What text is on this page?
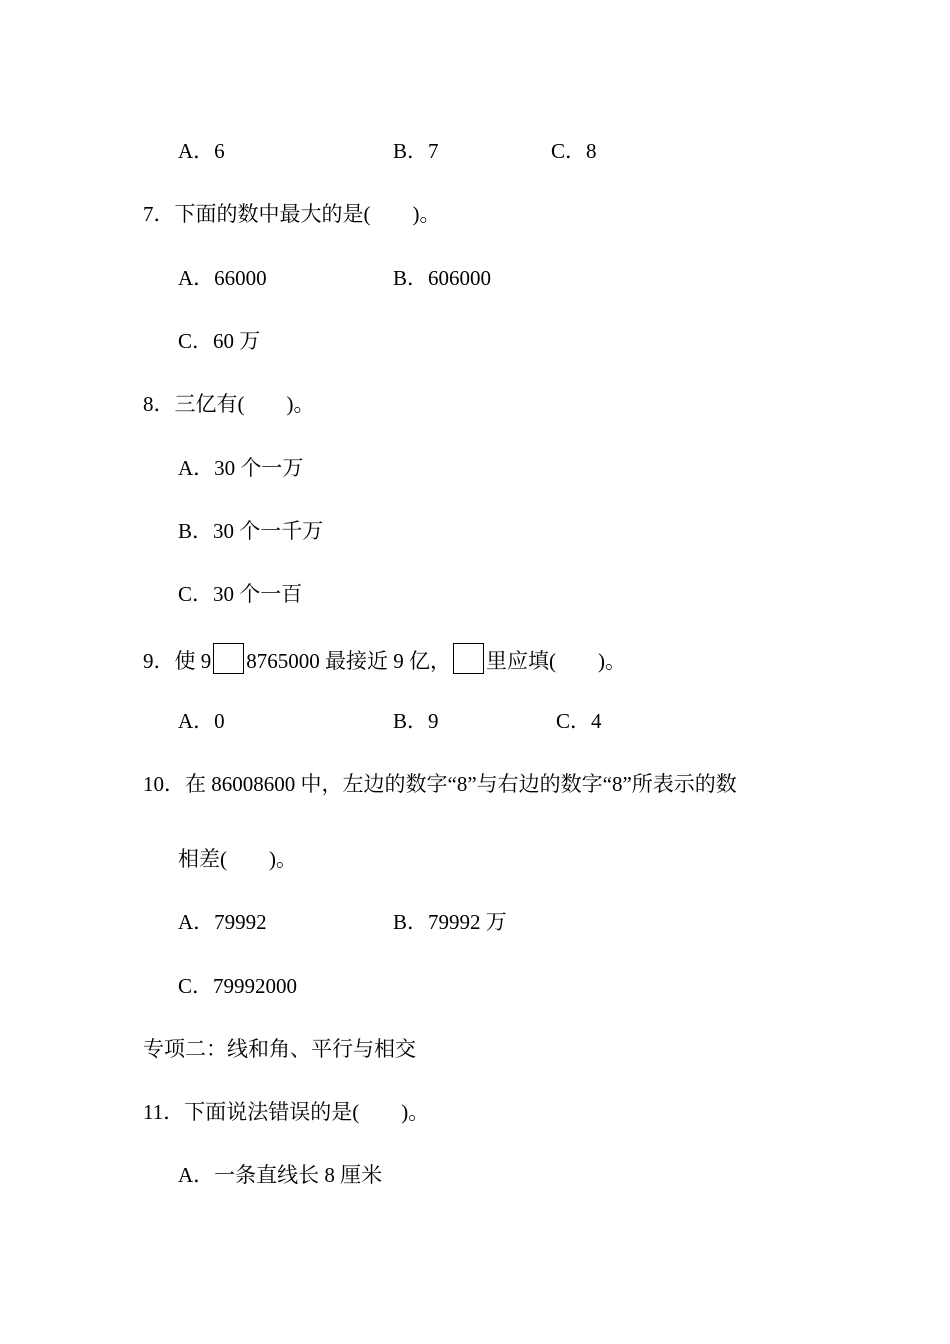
A．6	B．7	C．8
7．下面的数中最大的是(　　)。
A．66000	B．606000
C．60 万
8．三亿有(　　)。
A．30 个一万
B．30 个一千万
C．30 个一百
9．使 9 8765000 最接近 9 亿， 里应填(　　)。
A．0	B．9	C．4
10．在 86008600 中，左边的数字“8”与右边的数字“8”所表示的数
相差(　　)。
A．79992	B．79992 万
C．79992000
专项二：线和角、平行与相交
11．下面说法错误的是(　　)。
A．一条直线长 8 厘米
